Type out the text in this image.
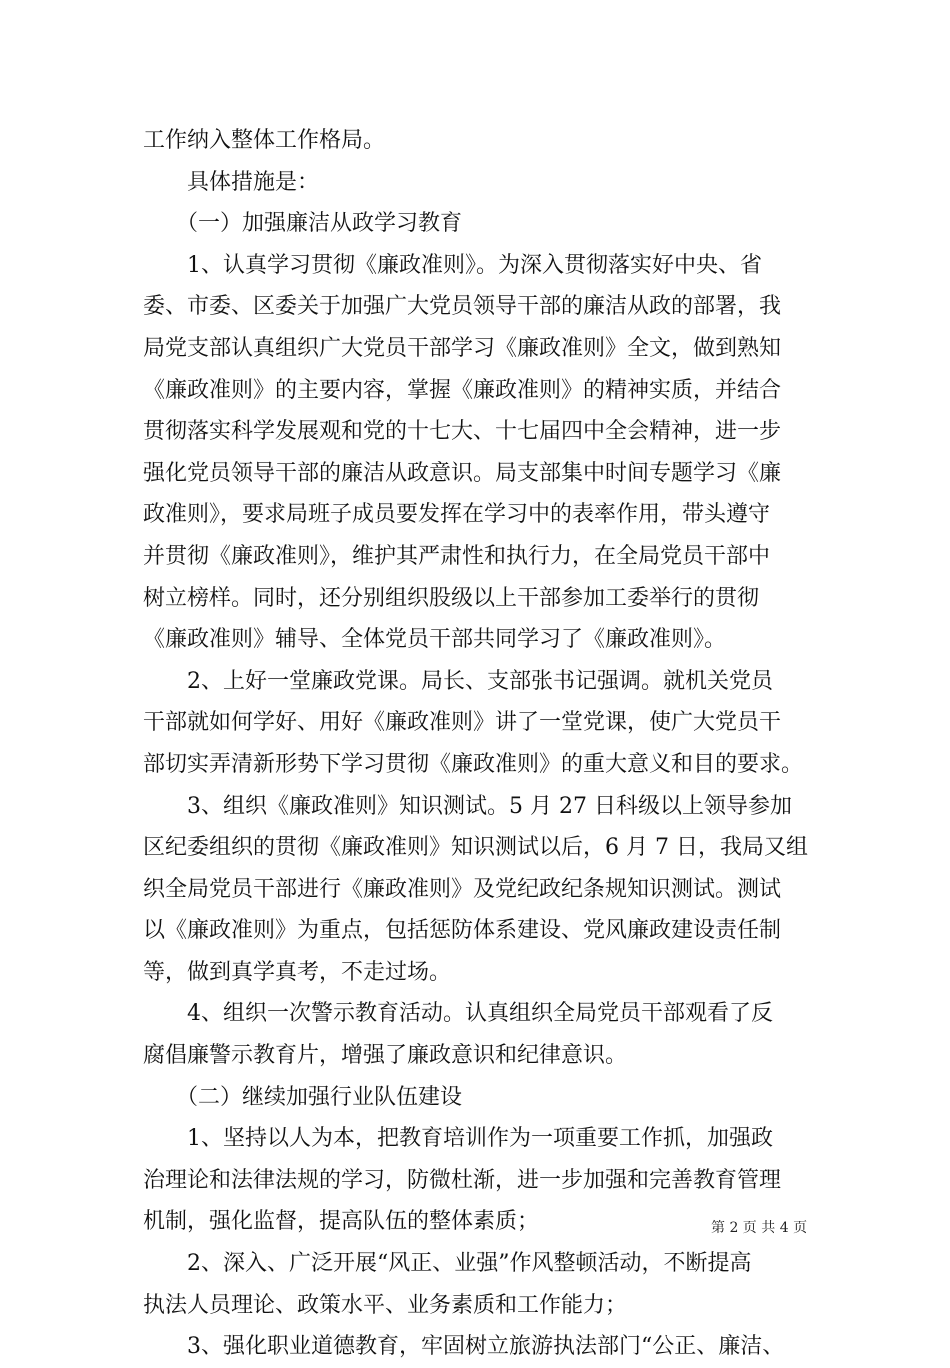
工作纳入整体工作格局。
　　具体措施是：
　　（一）加强廉洁从政学习教育
　　1、认真学习贯彻《廉政准则》。为深入贯彻落实好中央、省
委、市委、区委关于加强广大党员领导干部的廉洁从政的部署，我
局党支部认真组织广大党员干部学习《廉政准则》全文，做到熟知
《廉政准则》的主要内容，掌握《廉政准则》的精神实质，并结合
贯彻落实科学发展观和党的十七大、十七届四中全会精神，进一步
强化党员领导干部的廉洁从政意识。局支部集中时间专题学习《廉
政准则》，要求局班子成员要发挥在学习中的表率作用，带头遵守
并贯彻《廉政准则》，维护其严肃性和执行力，在全局党员干部中
树立榜样。同时，还分别组织股级以上干部参加工委举行的贯彻
《廉政准则》辅导、全体党员干部共同学习了《廉政准则》。
　　2、上好一堂廉政党课。局长、支部张书记强调。就机关党员
干部就如何学好、用好《廉政准则》讲了一堂党课，使广大党员干
部切实弄清新形势下学习贯彻《廉政准则》的重大意义和目的要求。
　　3、组织《廉政准则》知识测试。5 月 27 日科级以上领导参加
区纪委组织的贯彻《廉政准则》知识测试以后，6 月 7 日，我局又组
织全局党员干部进行《廉政准则》及党纪政纪条规知识测试。测试
以《廉政准则》为重点，包括惩防体系建设、党风廉政建设责任制
等，做到真学真考，不走过场。
　　4、组织一次警示教育活动。认真组织全局党员干部观看了反
腐倡廉警示教育片，增强了廉政意识和纪律意识。
　　（二）继续加强行业队伍建设
　　1、坚持以人为本，把教育培训作为一项重要工作抓，加强政
治理论和法律法规的学习，防微杜渐，进一步加强和完善教育管理
机制，强化监督，提高队伍的整体素质；
　　2、深入、广泛开展“风正、业强”作风整顿活动，不断提高
执法人员理论、政策水平、业务素质和工作能力；
　　3、强化职业道德教育，牢固树立旅游执法部门“公正、廉洁、
第 2 页 共 4 页
